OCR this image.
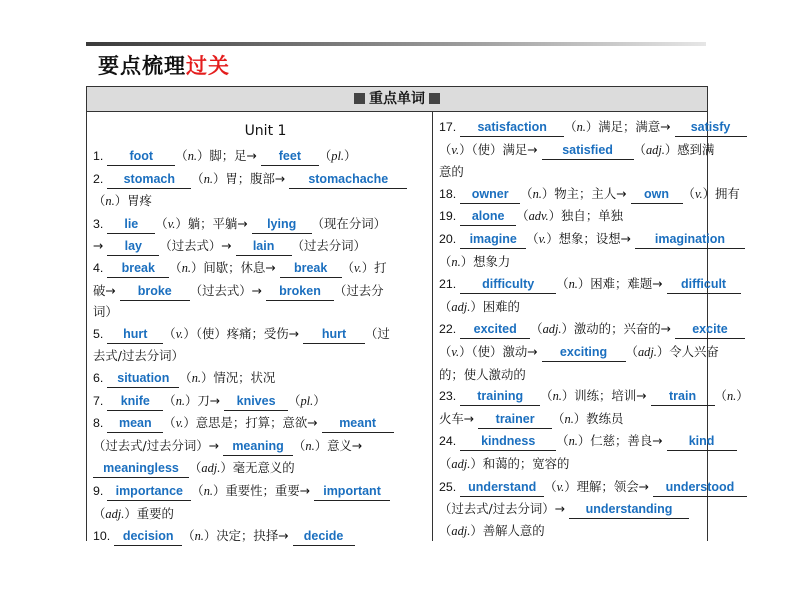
要点梳理过关
重点单词
Unit 1
1. foot （n.）脚；足→ feet （pl.）
2. stomach （n.）胃；腹部→ stomachache
（n.）胃疼
3. lie （v.）躺；平躺→ lying （现在分词）
→ lay （过去式）→ lain （过去分词）
4. break （n.）间歇；休息→ break （v.）打
破→ broke （过去式）→ broken （过去分
词）
5. hurt （v.）（使）疼痛；受伤→ hurt （过
去式/过去分词）
6. situation （n.）情况；状况
7. knife （n.）刀→ knives （pl.）
8. mean （v.）意思是；打算；意欲→ meant
（过去式/过去分词）→ meaning （n.）意义→
meaningless （adj.）毫无意义的
9. importance （n.）重要性；重要→ important
（adj.）重要的
10. decision （n.）决定；抉择→ decide
17. satisfaction （n.）满足；满意→ satisfy
（v.）（使）满足→ satisfied （adj.）感到满
意的
18. owner （n.）物主；主人→ own （v.）拥有
19. alone （adv.）独自；单独
20. imagine （v.）想象；设想→ imagination
（n.）想象力
21. difficulty （n.）困难；难题→ difficult
（adj.）困难的
22. excited （adj.）激动的；兴奋的→ excite
（v.）（使）激动→ exciting （adj.）令人兴奋
的；使人激动的
23. training （n.）训练；培训→ train （n.）
火车→ trainer （n.）教练员
24. kindness （n.）仁慈；善良→ kind
（adj.）和蔼的；宽容的
25. understand （v.）理解；领会→ understood
（过去式/过去分词）→ understanding
（adj.）善解人意的
